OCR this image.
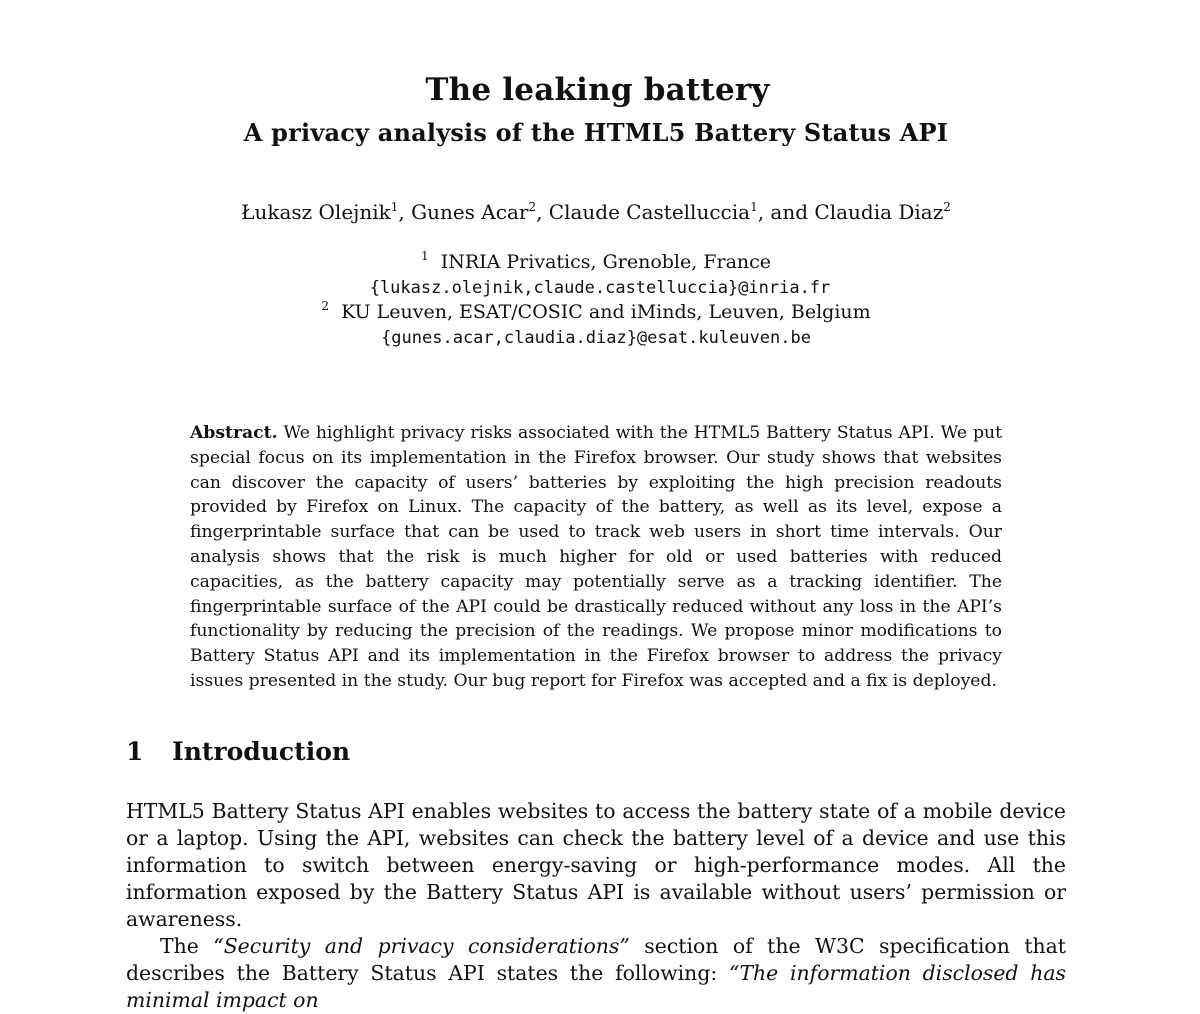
The leaking battery
A privacy analysis of the HTML5 Battery Status API
Łukasz Olejnik$^1$, Gunes Acar$^2$, Claude Castelluccia$^1$, and Claudia Diaz$^2$
$^1$ INRIA Privatics, Grenoble, France
{lukasz.olejnik,claude.castelluccia}@inria.fr
$^2$ KU Leuven, ESAT/COSIC and iMinds, Leuven, Belgium
{gunes.acar,claudia.diaz}@esat.kuleuven.be

Abstract. We highlight privacy risks associated with the HTML5 Battery Status API. We put special focus on its implementation in the Firefox browser. Our study shows that websites can discover the capacity of users’ batteries by exploiting the high precision readouts provided by Firefox on Linux. The capacity of the battery, as well as its level, expose a fingerprintable surface that can be used to track web users in short time intervals. Our analysis shows that the risk is much higher for old or used batteries with reduced capacities, as the battery capacity may potentially serve as a tracking identifier. The fingerprintable surface of the API could be drastically reduced without any loss in the API’s functionality by reducing the precision of the readings. We propose minor modifications to Battery Status API and its implementation in the Firefox browser to address the privacy issues presented in the study. Our bug report for Firefox was accepted and a fix is deployed.

1 Introduction

HTML5 Battery Status API enables websites to access the battery state of a mobile device or a laptop. Using the API, websites can check the battery level of a device and use this information to switch between energy-saving or high-performance modes. All the information exposed by the Battery Status API is available without users’ permission or awareness.

The “Security and privacy considerations” section of the W3C specification that describes the Battery Status API states the following: “The information disclosed has minimal impact on
